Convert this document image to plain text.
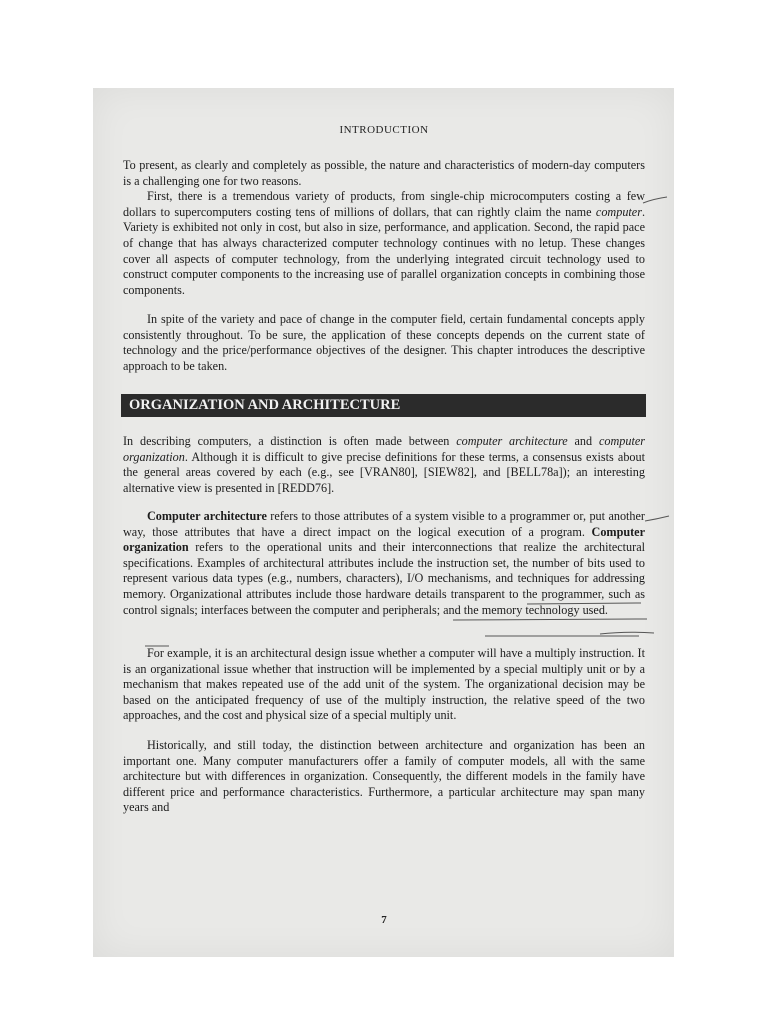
INTRODUCTION

To present, as clearly and completely as possible, the nature and characteristics of modern-day computers is a challenging one for two reasons.

First, there is a tremendous variety of products, from single-chip microcomputers costing a few dollars to supercomputers costing tens of millions of dollars, that can rightly claim the name computer. Variety is exhibited not only in cost, but also in size, performance, and application. Second, the rapid pace of change that has always characterized computer technology continues with no letup. These changes cover all aspects of computer technology, from the underlying integrated circuit technology used to construct computer components to the increasing use of parallel organization concepts in combining those components.

In spite of the variety and pace of change in the computer field, certain fundamental concepts apply consistently throughout. To be sure, the application of these concepts depends on the current state of technology and the price/performance objectives of the designer. This chapter introduces the descriptive approach to be taken.

ORGANIZATION AND ARCHITECTURE

In describing computers, a distinction is often made between computer architecture and computer organization. Although it is difficult to give precise definitions for these terms, a consensus exists about the general areas covered by each (e.g., see [VRAN80], [SIEW82], and [BELL78a]); an interesting alternative view is presented in [REDD76].

Computer architecture refers to those attributes of a system visible to a programmer or, put another way, those attributes that have a direct impact on the logical execution of a program. Computer organization refers to the operational units and their interconnections that realize the architectural specifications. Examples of architectural attributes include the instruction set, the number of bits used to represent various data types (e.g., numbers, characters), I/O mechanisms, and techniques for addressing memory. Organizational attributes include those hardware details transparent to the programmer, such as control signals; interfaces between the computer and peripherals; and the memory technology used.

For example, it is an architectural design issue whether a computer will have a multiply instruction. It is an organizational issue whether that instruction will be implemented by a special multiply unit or by a mechanism that makes repeated use of the add unit of the system. The organizational decision may be based on the anticipated frequency of use of the multiply instruction, the relative speed of the two approaches, and the cost and physical size of a special multiply unit.

Historically, and still today, the distinction between architecture and organization has been an important one. Many computer manufacturers offer a family of computer models, all with the same architecture but with differences in organization. Consequently, the different models in the family have different price and performance characteristics. Furthermore, a particular architecture may span many years and

7
